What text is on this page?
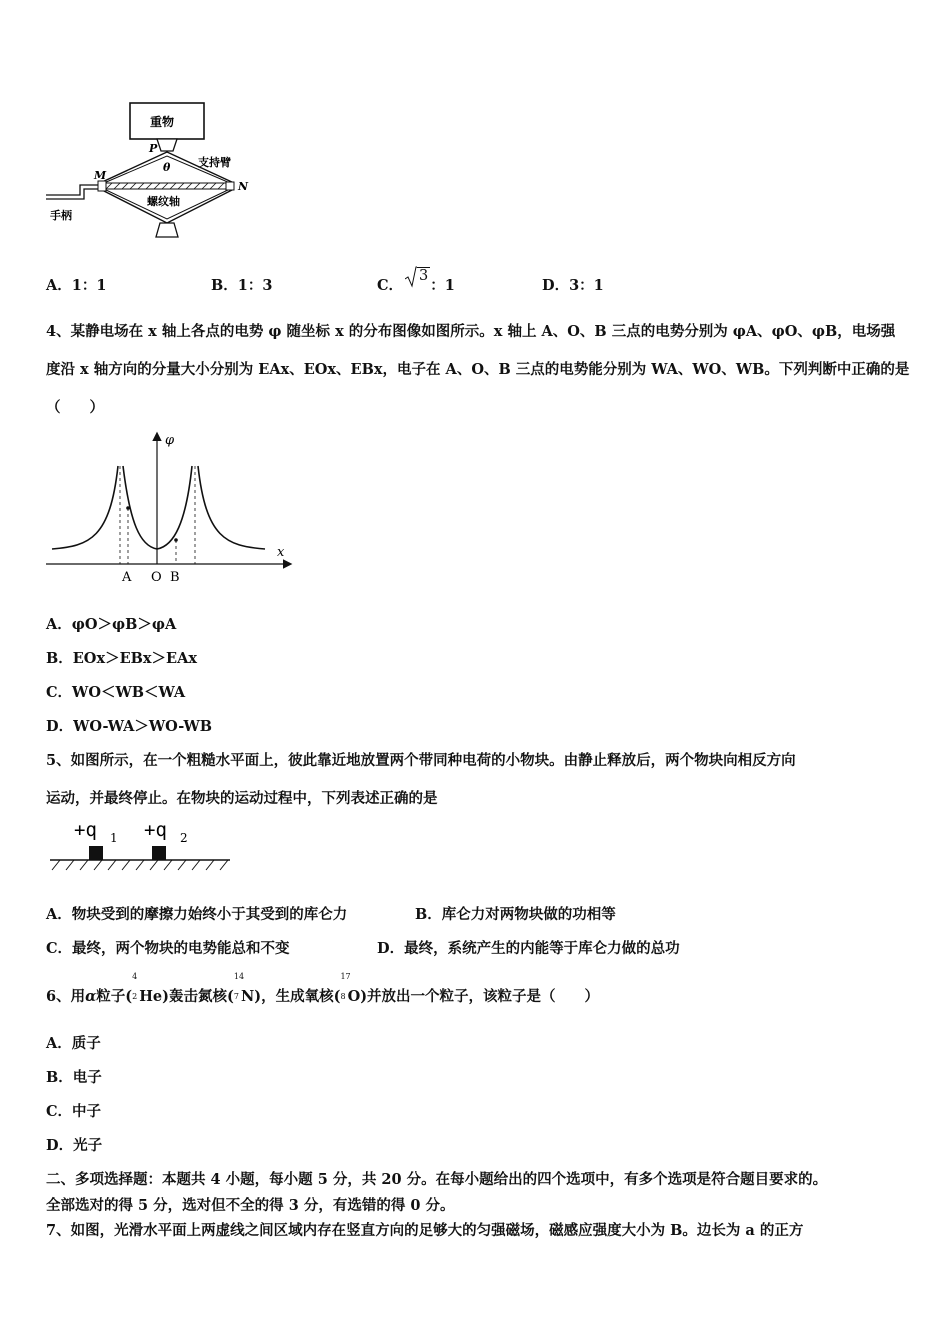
重物
P
θ	支持臂
M
N
螺纹轴
手柄
A．1：1	B．1：3	C．
3：1	D．3：1
4、某静电场在 x 轴上各点的电势 φ 随坐标 x 的分布图像如图所示。x 轴上 A、O、B 三点的电势分别为 φA、φO、φB，电场强
度沿 x 轴方向的分量大小分别为 EAx、EOx、EBx，电子在 A、O、B 三点的电势能分别为 WA、WO、WB。下列判断中正确的是
（　　）
φ
x
A O B
A．φO＞φB＞φA
B．EOx＞EBx＞EAx
C．WO＜WB＜WA
D．WO-WA＞WO-WB
5、如图所示，在一个粗糙水平面上，彼此靠近地放置两个带同种电荷的小物块。由静止释放后，两个物块向相反方向
运动，并最终停止。在物块的运动过程中，下列表述正确的是
+q 1 +q 2
A．物块受到的摩擦力始终小于其受到的库仑力	B．库仑力对两物块做的功相等
C．最终，两个物块的电势能总和不变	D．最终，系统产生的内能等于库仑力做的总功
6、用α粒子(
4
2 He)轰击氮核(
14
7 N)，生成氧核(
17
8 O)并放出一个粒子，该粒子是（　　）
A．质子
B．电子
C．中子
D．光子
二、多项选择题：本题共 4 小题，每小题 5 分，共 20 分。在每小题给出的四个选项中，有多个选项是符合题目要求的。
全部选对的得 5 分，选对但不全的得 3 分，有选错的得 0 分。
7、如图，光滑水平面上两虚线之间区域内存在竖直方向的足够大的匀强磁场，磁感应强度大小为 B。边长为 a 的正方
